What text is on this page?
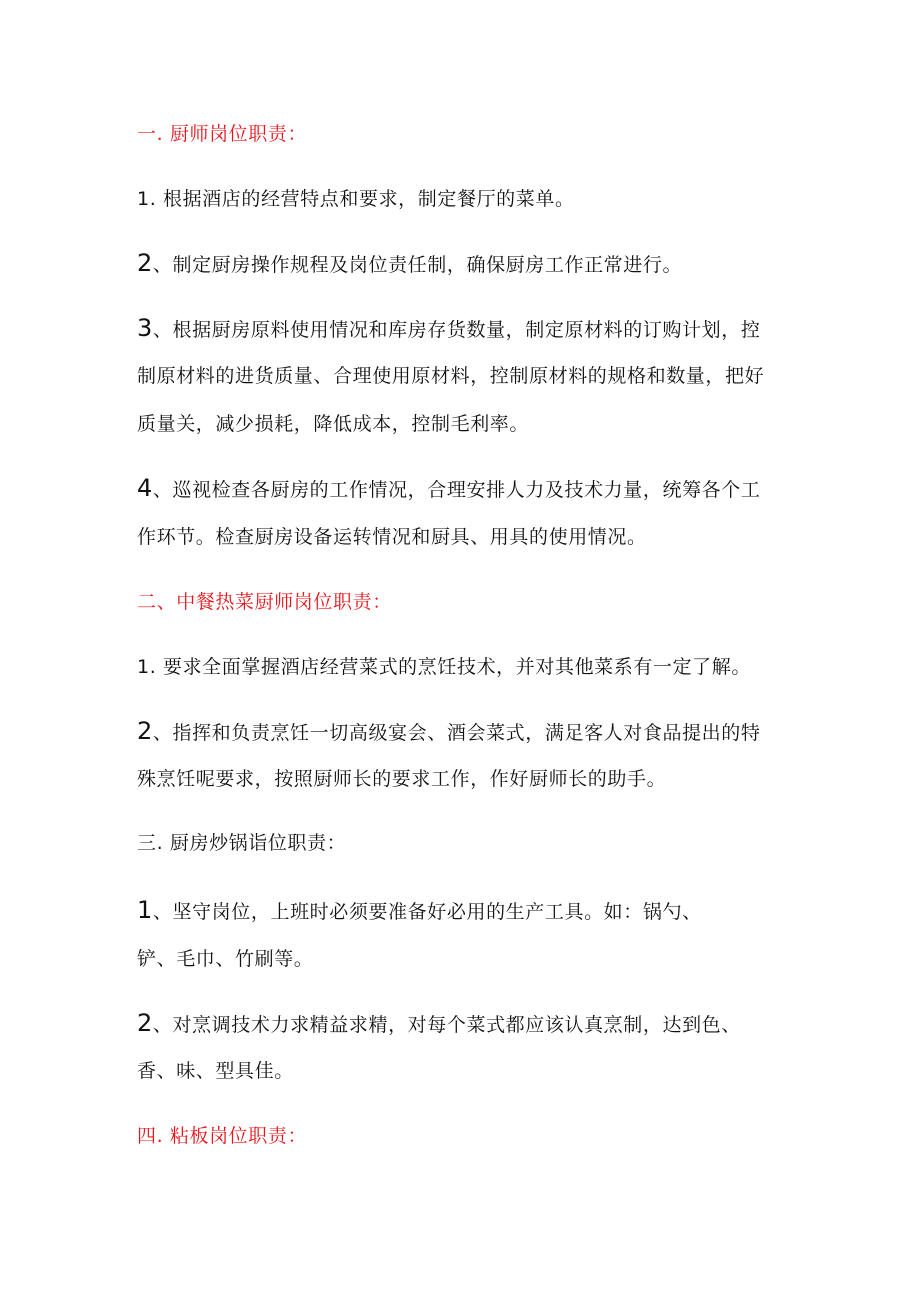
一. 厨师岗位职责：
1. 根据酒店的经营特点和要求，制定餐厅的菜单。
2、制定厨房操作规程及岗位责任制，确保厨房工作正常进行。
3、根据厨房原料使用情况和库房存货数量，制定原材料的订购计划，控
制原材料的进货质量、合理使用原材料，控制原材料的规格和数量，把好
质量关，减少损耗，降低成本，控制毛利率。
4、巡视检查各厨房的工作情况，合理安排人力及技术力量，统筹各个工
作环节。检查厨房设备运转情况和厨具、用具的使用情况。
二、中餐热菜厨师岗位职责：
1. 要求全面掌握酒店经营菜式的烹饪技术，并对其他菜系有一定了解。
2、指挥和负责烹饪一切高级宴会、酒会菜式，满足客人对食品提出的特
殊烹饪呢要求，按照厨师长的要求工作，作好厨师长的助手。
三. 厨房炒锅诣位职责：
1、坚守岗位，上班时必须要准备好必用的生产工具。如：锅勺、
铲、毛巾、竹刷等。
2、对烹调技术力求精益求精，对每个菜式都应该认真烹制，达到色、
香、味、型具佳。
四. 粘板岗位职责：
